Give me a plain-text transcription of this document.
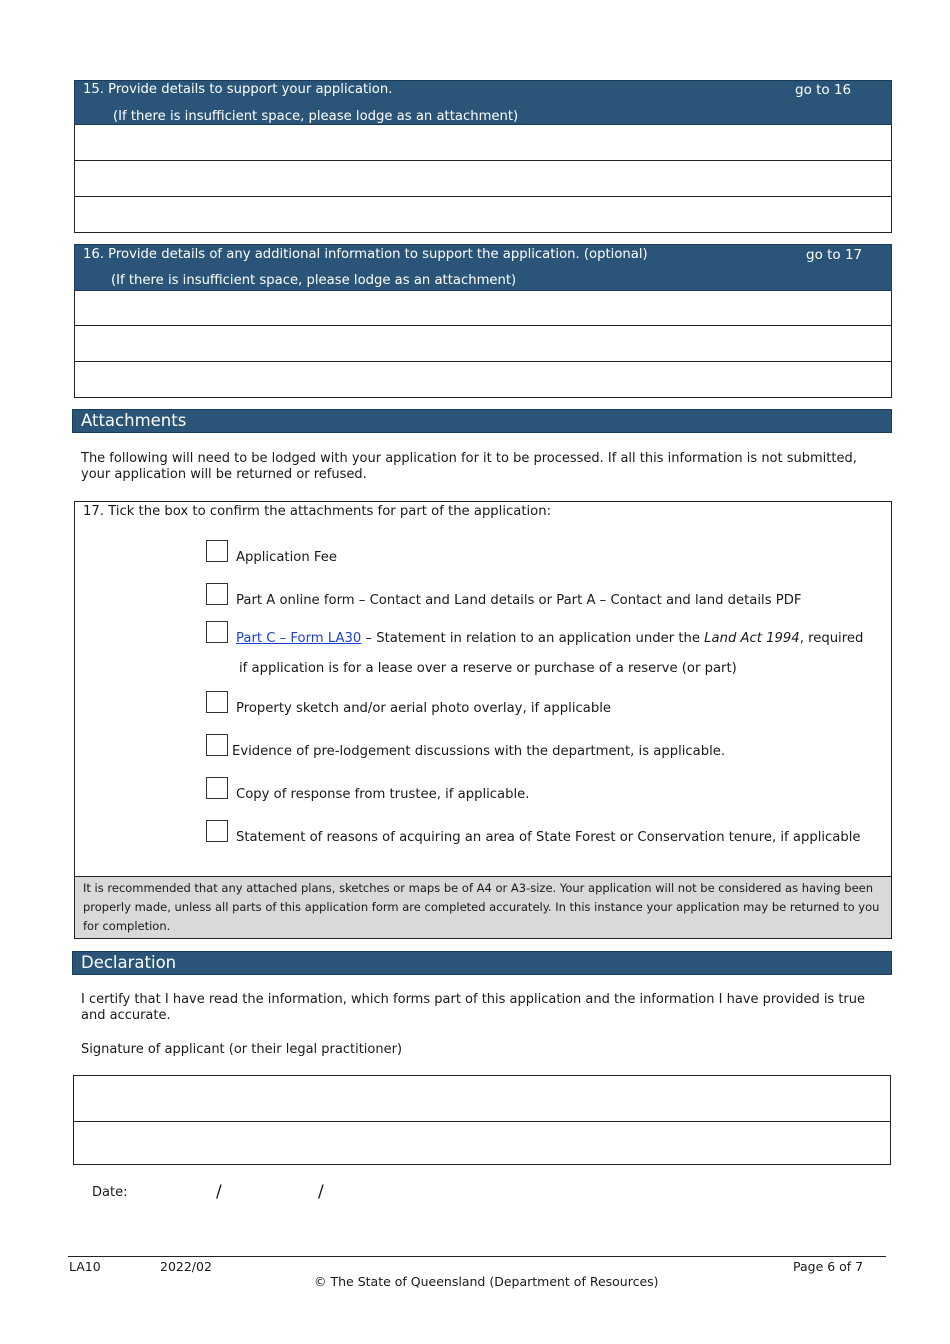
15. Provide details to support your application.
(If there is insufficient space, please lodge as an attachment)
go to 16
16. Provide details of any additional information to support the application. (optional)
(If there is insufficient space, please lodge as an attachment)
go to 17
Attachments
The following will need to be lodged with your application for it to be processed. If all this information is not submitted, your application will be returned or refused.
17. Tick the box to confirm the attachments for part of the application:
Application Fee
Part A online form – Contact and Land details or Part A – Contact and land details PDF
Part C – Form LA30 – Statement in relation to an application under the Land Act 1994, required
if application is for a lease over a reserve or purchase of a reserve (or part)
Property sketch and/or aerial photo overlay, if applicable
Evidence of pre-lodgement discussions with the department, is applicable.
Copy of response from trustee, if applicable.
Statement of reasons of acquiring an area of State Forest or Conservation tenure, if applicable
It is recommended that any attached plans, sketches or maps be of A4 or A3-size. Your application will not be considered as having been properly made, unless all parts of this application form are completed accurately. In this instance your application may be returned to you for completion.
Declaration
I certify that I have read the information, which forms part of this application and the information I have provided is true and accurate.
Signature of applicant (or their legal practitioner)
Date:	/	/
LA10	2022/02	Page 6 of 7
© The State of Queensland (Department of Resources)
